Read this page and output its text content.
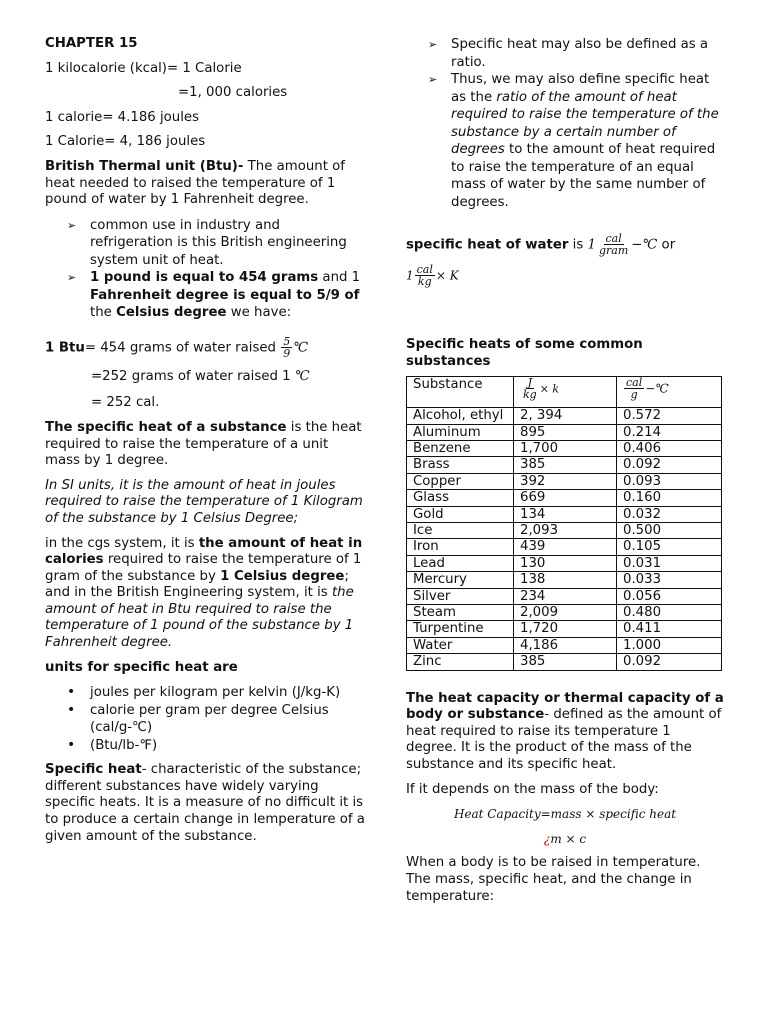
CHAPTER 15

1 kilocalorie (kcal)= 1 Calorie

=1, 000 calories

1 calorie= 4.186 joules

1 Calorie= 4, 186 joules

British Thermal unit (Btu)- The amount of heat needed to raised the temperature of 1 pound of water by 1 Fahrenheit degree.

➢ common use in industry and refrigeration is this British engineering system unit of heat.
➢ 1 pound is equal to 454 grams and 1 Fahrenheit degree is equal to 5/9 of the Celsius degree we have:

1 Btu= 454 grams of water raised $\frac{5}{9}$ ℃

=252 grams of water raised 1 ℃

= 252 cal.

The specific heat of a substance is the heat required to raise the temperature of a unit mass by 1 degree.

In SI units, it is the amount of heat in joules required to raise the temperature of 1 Kilogram of the substance by 1 Celsius Degree;

in the cgs system, it is the amount of heat in calories required to raise the temperature of 1 gram of the substance by 1 Celsius degree; and in the British Engineering system, it is the amount of heat in Btu required to raise the temperature of 1 pound of the substance by 1 Fahrenheit degree.

units for specific heat are

• joules per kilogram per kelvin (J/kg-K)
• calorie per gram per degree Celsius (cal/g-℃)
• (Btu/lb-℉)

Specific heat- characteristic of the substance; different substances have widely varying specific heats. It is a measure of no difficult it is to produce a certain change in lemperature of a given amount of the substance.

➢ Specific heat may also be defined as a ratio.
➢ Thus, we may also define specific heat as the ratio of the amount of heat required to raise the temperature of the substance by a certain number of degrees to the amount of heat required to raise the temperature of an equal mass of water by the same number of degrees.

specific heat of water is $1 \frac{\text{cal}}{\text{gram}}$ −℃ or

$1 \frac{\text{cal}}{kg} \times K$

Specific heats of some common substances

Substance	$\frac{J}{kg} \times k$	$\frac{\text{cal}}{g}$ −℃
Alcohol, ethyl	2, 394	0.572
Aluminum	895	0.214
Benzene	1,700	0.406
Brass	385	0.092
Copper	392	0.093
Glass	669	0.160
Gold	134	0.032
Ice	2,093	0.500
Iron	439	0.105
Lead	130	0.031
Mercury	138	0.033
Silver	234	0.056
Steam	2,009	0.480
Turpentine	1,720	0.411
Water	4,186	1.000
Zinc	385	0.092

The heat capacity or thermal capacity of a body or substance- defined as the amount of heat required to raise its temperature 1 degree. It is the product of the mass of the substance and its specific heat.

If it depends on the mass of the body:

Heat Capacity=mass × specific heat

¿m × c

When a body is to be raised in temperature. The mass, specific heat, and the change in temperature:
